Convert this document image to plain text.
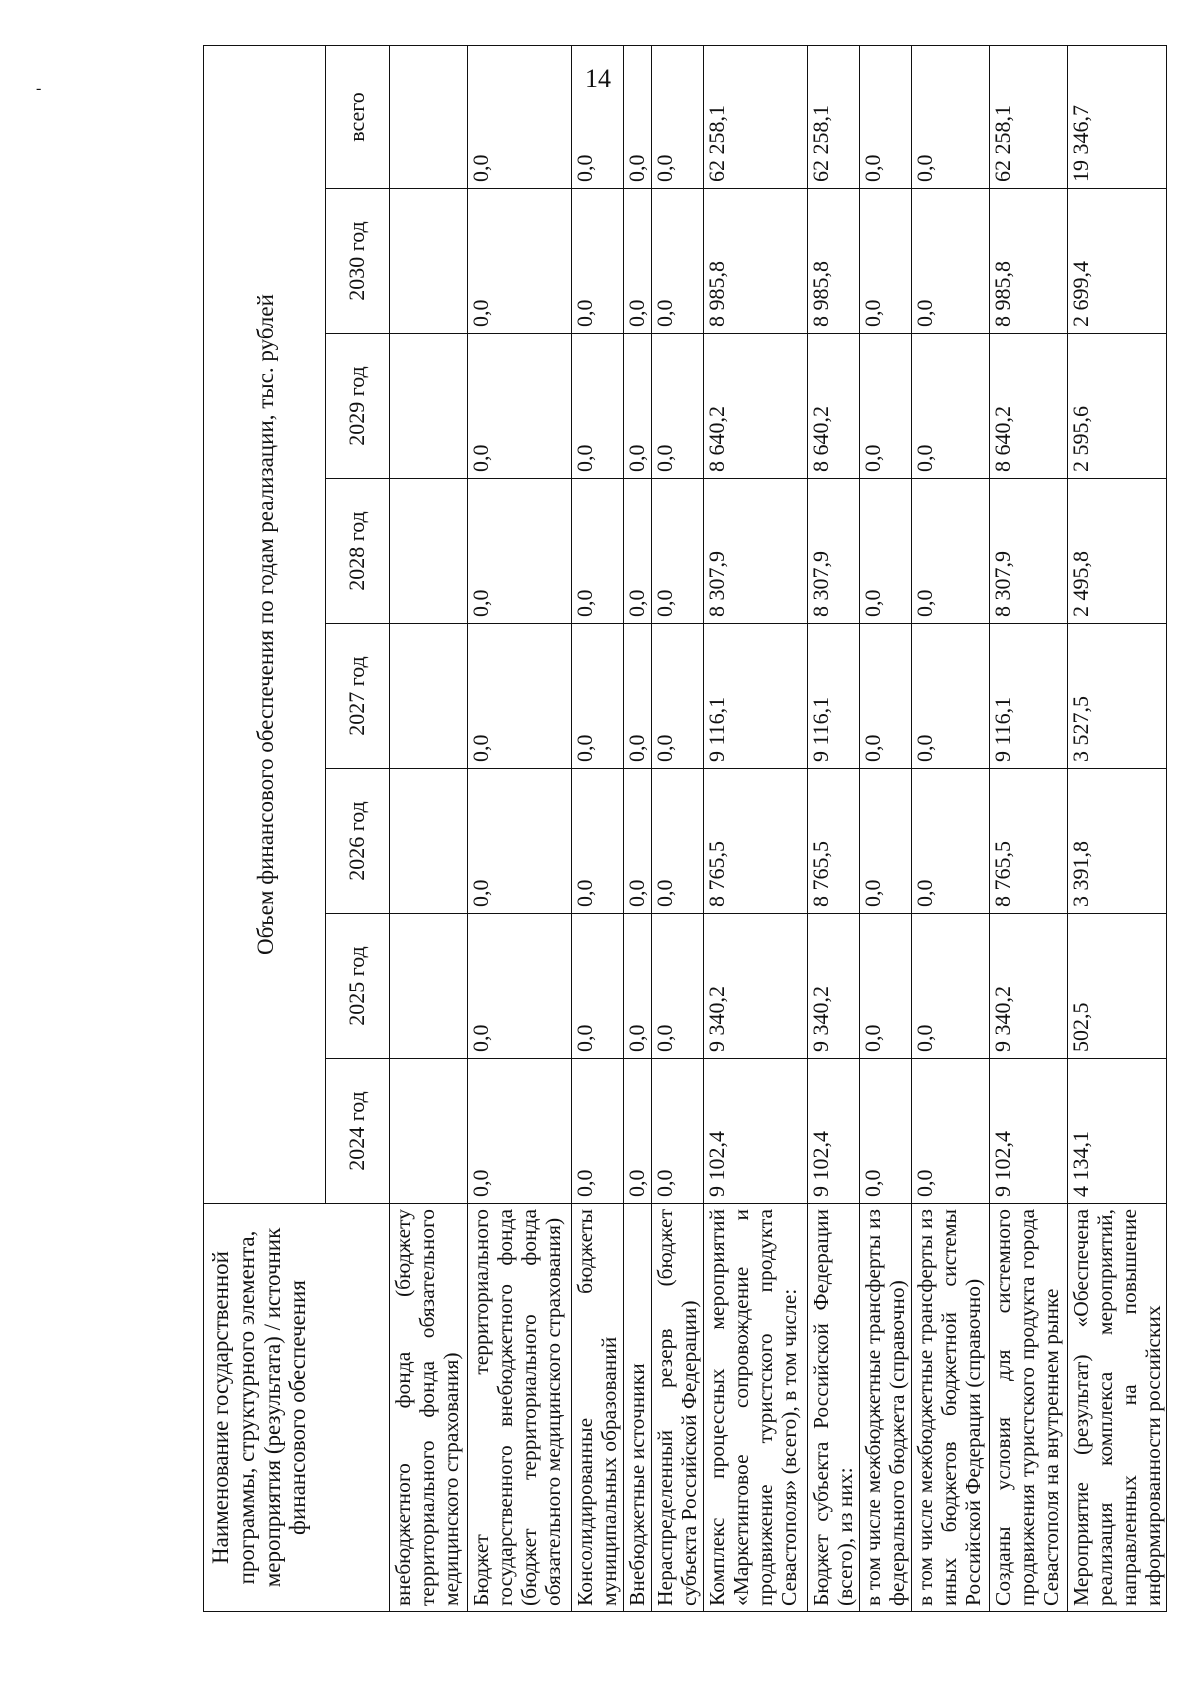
-	14
Наименование государственной программы, структурного элемента, мероприятия (результата) / источник финансового обеспечения	Объем финансового обеспечения по годам реализации, тыс. рублей							
	2024 год	2025 год	2026 год	2027 год	2028 год	2029 год	2030 год	всего
внебюджетного фонда (бюджету территориального фонда обязательного медицинского страхования)								
Бюджет территориального государственного внебюджетного фонда (бюджет территориального фонда обязательного медицинского страхования)	0,0	0,0	0,0	0,0	0,0	0,0	0,0	0,0
Консолидированные бюджеты муниципальных образований	0,0	0,0	0,0	0,0	0,0	0,0	0,0	0,0
Внебюджетные источники	0,0	0,0	0,0	0,0	0,0	0,0	0,0	0,0
Нераспределенный резерв (бюджет субъекта Российской Федерации)	0,0	0,0	0,0	0,0	0,0	0,0	0,0	0,0
Комплекс процессных мероприятий «Маркетинговое сопровождение и продвижение туристского продукта Севастополя» (всего), в том числе:	9 102,4	9 340,2	8 765,5	9 116,1	8 307,9	8 640,2	8 985,8	62 258,1
Бюджет субъекта Российской Федерации (всего), из них:	9 102,4	9 340,2	8 765,5	9 116,1	8 307,9	8 640,2	8 985,8	62 258,1
в том числе межбюджетные трансферты из федерального бюджета (справочно)	0,0	0,0	0,0	0,0	0,0	0,0	0,0	0,0
в том числе межбюджетные трансферты из иных бюджетов бюджетной системы Российской Федерации (справочно)	0,0	0,0	0,0	0,0	0,0	0,0	0,0	0,0
Созданы условия для системного продвижения туристского продукта города Севастополя на внутреннем рынке	9 102,4	9 340,2	8 765,5	9 116,1	8 307,9	8 640,2	8 985,8	62 258,1
Мероприятие (результат) «Обеспечена реализация комплекса мероприятий, направленных на повышение информированности российских	4 134,1	502,5	3 391,8	3 527,5	2 495,8	2 595,6	2 699,4	19 346,7
